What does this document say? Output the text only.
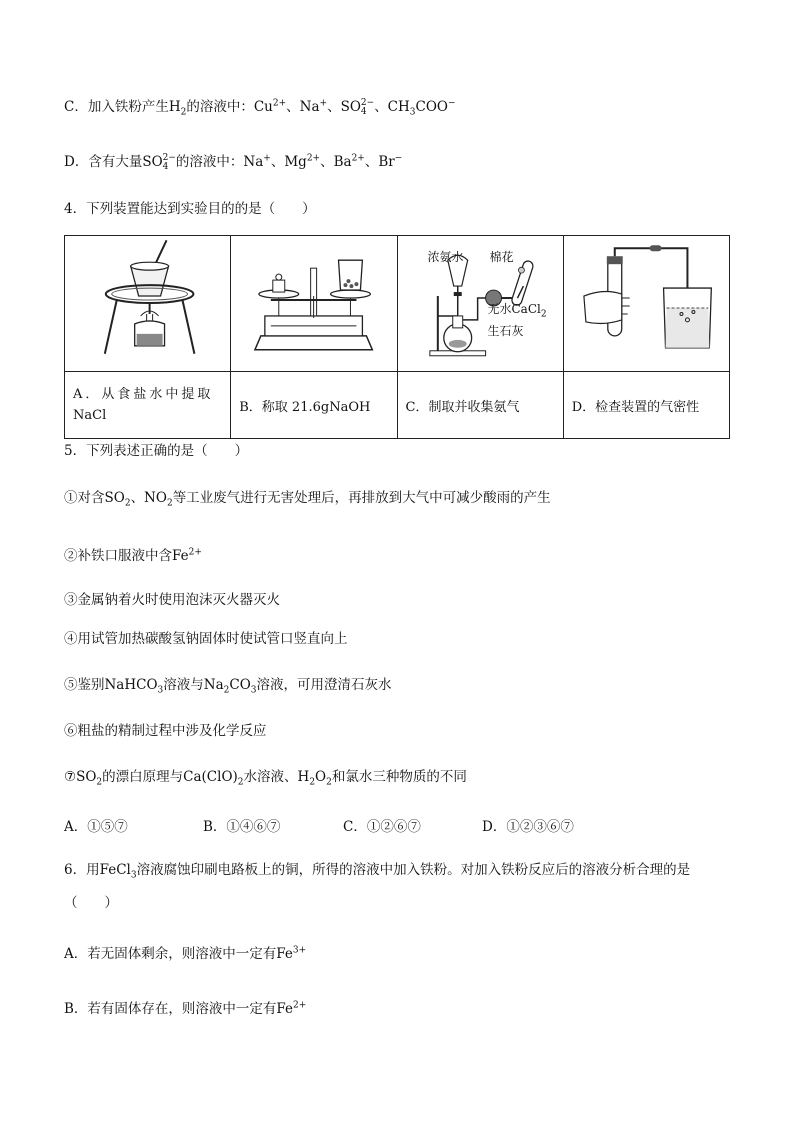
C．加入铁粉产生$H_2$的溶液中：$Cu^{2+}$、Na+、SO 2−
4 、$CH_3COO^-$
D．含有大量SO 2−
4 的溶液中：Na+、$Mg^{2+}$、$Ba^{2+}$、Br−
4．下列装置能达到实验目的的是（　　）

浓氨水 棉花
无水CaCl$_2$
生石灰

A．从食盐水中提取
NaCl	B．称取 21.6gNaOH	C．制取并收集氨气	D．检查装置的气密性
5．下列表述正确的是（　　）
①对含$SO_2$、$NO_2$等工业废气进行无害处理后，再排放到大气中可减少酸雨的产生
②补铁口服液中含$Fe^{2+}$
③金属钠着火时使用泡沫灭火器灭火
④用试管加热碳酸氢钠固体时使试管口竖直向上
⑤鉴别NaHCO$_3$溶液与$Na_2CO_3$溶液，可用澄清石灰水
⑥粗盐的精制过程中涉及化学反应
$⑦SO_2$的漂白原理与$Ca(ClO)_2$水溶液、$H_2O_2$和氯水三种物质的不同
A．①⑤⑦	B．①④⑥⑦	C．①②⑥⑦	D．①②③⑥⑦
6．用FeCl$_3$溶液腐蚀印刷电路板上的铜，所得的溶液中加入铁粉。对加入铁粉反应后的溶液分析合理的是
（　　）
A．若无固体剩余，则溶液中一定有$Fe^{3+}$
B．若有固体存在，则溶液中一定有$Fe^{2+}$
